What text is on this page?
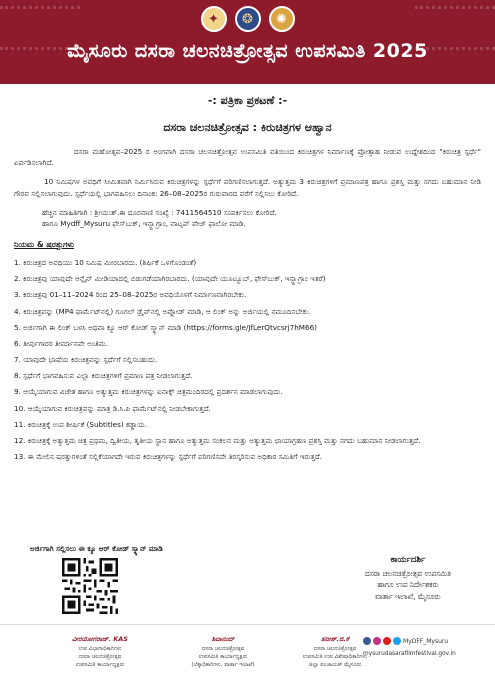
✦	❂	✺
ಮೈಸೂರು ದಸರಾ ಚಲನಚಿತ್ರೋತ್ಸವ ಉಪಸಮಿತಿ 2025
-: ಪತ್ರಿಕಾ ಪ್ರಕಟಣೆ :-
ದಸರಾ ಚಲನಚಿತ್ರೋತ್ಸವ : ಕಿರುಚಿತ್ರಗಳ ಆಹ್ವಾನ

ದಸರಾ ಮಹೋತ್ಸವ–2025 ರ ಅಂಗವಾಗಿ ದಸರಾ ಚಲನಚಿತ್ರೋತ್ಸವ ಉಪಸಮಿತಿ ವತಿಯಿಂದ ಕಿರುಚಿತ್ರಗಳ ನಿರ್ಮಾಣಕ್ಕೆ ಪ್ರೋತ್ಸಾಹ ನೀಡುವ ಉದ್ದೇಶದಿಂದ "ಕಿರುಚಿತ್ರ ಸ್ಪರ್ಧೆ" ಏರ್ಪಡಿಸಲಾಗಿದೆ.

10 ನಿಮಿಷಗಳ ಅವಧಿಗೆ ಸೀಮಿತವಾಗಿ ನಿರ್ಮಿಸಿರುವ ಕಿರುಚಿತ್ರಗಳನ್ನು ಸ್ಪರ್ಧೆಗೆ ಪರಿಗಣಿಸಲಾಗುತ್ತದೆ. ಅತ್ಯುತ್ತಮ 3 ಕಿರುಚಿತ್ರಗಳಿಗೆ ಪ್ರಮಾಣಪತ್ರ ಹಾಗೂ ಪ್ರಶಸ್ತಿ ಮತ್ತು ನಗದು ಬಹುಮಾನ ನೀಡಿ ಗೌರವ ಸಲ್ಲಿಸಲಾಗುವುದು. ಸ್ಪರ್ಧೆಯಲ್ಲಿ ಭಾಗವಹಿಸಲು ದಿನಾಂಕ: 26–08–2025ರ ಗುರುವಾರದ ವರೆಗೆ ಸಲ್ಲಿಸಲು ಕೋರಿದೆ.

ಹೆಚ್ಚಿನ ಮಾಹಿತಿಗಾಗಿ : ಶ್ರೀಯುತ್‌.ಈ ದೂರವಾಣಿ ಸಂಖ್ಯೆ : 7411564510 ಸಂಪರ್ಕಿಸಲು ಕೋರಿದೆ.
ಹಾಗೂ Mydff_Mysuru ಫೇಸ್‌ಬುಕ್, ಇನ್ಸ್ಟಾಗ್ರಾಂ, ವಾಟ್ಸಪ್ ಪೇಜ್ ಫಾಲೋ ಮಾಡಿ.
ನಿಯಮ & ಷರತ್ತುಗಳು
1. ಕಿರುಚಿತ್ರದ ಅವಧಿಯು 10 ನಿಮಿಷ ಮೀರಬಾರದು. (ಶಿರ್ಷಿಕೆ ಒಳಗೊಂಡಂತೆ)
2. ಕಿರುಚಿತ್ರವು ಯಾವುದೇ ಆನ್ಲೈನ್ ಮೀಡಿಯಾದಲ್ಲಿ ಬಿಡುಗಡೆಯಾಗಿರಬಾರದು. (ಯಾವುದೇ ಯೂಟ್ಯೂಬ್, ಫೇಸ್‌ಬುಕ್, ಇನ್ಸ್ಟಾಗ್ರಾಂ ಇತರೆ)
3. ಕಿರುಚಿತ್ರವು 01–11–2024 ರಿಂದ 25–08–2025ರ ಅವಧಿಯೊಳಗೆ ನಿರ್ಮಾಣವಾಗಿರಬೇಕು.
4. ಕಿರುಚಿತ್ರವನ್ನು (MP4 ಫಾರ್ಮೆಟ್‌ನಲ್ಲಿ) ಗೂಗಲ್ ಡ್ರೈವ್‌ನಲ್ಲಿ ಅಪ್ಲೋಡ್ ಮಾಡಿ, ಆ ಲಿಂಕ್ ಅನ್ನು ಅರ್ಜಿಯಲ್ಲಿ ನಮೂದಿಸಬೇಕು.
5. ಅರ್ಜಿಗಾಗಿ ಈ ಲಿಂಕ್ ಬಳಸಿ ಅಥವಾ ಕ್ಯೂ ಆರ್ ಕೋಡ್ ಸ್ಕ್ಯಾನ್ ಮಾಡಿ (https://forms.gle/JfLerQtvcsrj7hM66)
6. ತೀರ್ಪುಗಾರರ ತೀರ್ಮಾನವೇ ಅಂತಿಮ.
7. ಯಾವುದೇ ಭಾಷೆಯ ಕಿರುಚಿತ್ರವನ್ನು ಸ್ಪರ್ಧೆಗೆ ಸಲ್ಲಿಸಬಹುದು.
8. ಸ್ಪರ್ಧೆಗೆ ಭಾಗವಹಿಸುವ ಎಲ್ಲಾ ಕಿರುಚಿತ್ರಗಳಿಗೆ ಪ್ರಮಾಣ ಪತ್ರ ನೀಡಲಾಗುತ್ತದೆ.
9. ಆಯ್ಕೆಯಾಗುವ ವಿಜೇತ ಹಾಗೂ ಅತ್ಯುತ್ತಮ ಕಿರುಚಿತ್ರಗಳನ್ನು ಐನಾಕ್ಸ್ ಚಿತ್ರಮಂದಿರದಲ್ಲಿ ಪ್ರದರ್ಶನ ಮಾಡಲಾಗುವುದು.
10. ಆಯ್ಕೆಯಾಗುವ ಕಿರುಚಿತ್ರವನ್ನು ಮಾತ್ರ ಡಿ.ಸಿ.ಪಿ ಫಾರ್ಮೆಟ್‌ನಲ್ಲಿ ನೀಡಬೇಕಾಗುತ್ತದೆ.
11. ಕಿರುಚಿತ್ರಕ್ಕೆ ಉಪ ಶೀರ್ಷಿಕೆ (Subtitles) ಕಡ್ಡಾಯ.
12. ಕಿರುಚಿತ್ರಕ್ಕೆ ಅತ್ಯುತ್ತಮ ಚಿತ್ರ ಪ್ರಥಮ, ದ್ವಿತೀಯ, ತೃತೀಯ ಸ್ಥಾನ ಹಾಗೂ ಅತ್ಯುತ್ತಮ ಸಂಕಲನ ಮತ್ತು ಅತ್ಯುತ್ತಮ ಛಾಯಾಗ್ರಹಣ ಪ್ರಶಸ್ತಿ ಮತ್ತು ನಗದು ಬಹುಮಾನ ನೀಡಲಾಗುತ್ತದೆ.
13. ಈ ಮೇಲಿನ ಷರತ್ತುಗಳಿಂತೆ ಸಲ್ಲಿಕೆಯಾಗದೇ ಇರುವ ಕಿರುಚಿತ್ರಗಳನ್ನು ಸ್ಪರ್ಧೆಗೆ ಪರಿಗಣಿಸದೇ ತಿರಸ್ಕರಿಸುವ ಅಧಿಕಾರ ಸಮಿತಿಗೆ ಇರುತ್ತದೆ.
ಅರ್ಜಿಗಾಗಿ ಸಲ್ಲಿಸಲು ಈ ಕ್ಯೂ ಆರ್ ಕೋಡ್ ಸ್ಕ್ಯಾನ್ ಮಾಡಿ
ಕಾರ್ಯದರ್ಶಿ
ದಸರಾ ಚಲನಚಿತ್ರೋತ್ಸವ ಉಪಸಮಿತಿ
ಹಾಗೂ ಉಪ ನಿರ್ದೇಶಕರು
ವಾರ್ತಾ ಇಲಾಖೆ, ಮೈಸೂರು
ವೀರಯೋಗರಾಜ್. KAS
ಉಪ ವಿಭಾಗಾಧಿಕಾರಿಗಳು
ದಸರಾ ಚಲನಚಿತ್ರೋತ್ಸವ
ಉಪಸಮಿತಿ ಕಾರ್ಯಾಧ್ಯಕ್ಷರು
ಶಿವಾನಂದ್
ದಸರಾ ಚಲನಚಿತ್ರೋತ್ಸವ
ಉಪಸಮಿತಿ ಕಾರ್ಯಾಧ್ಯಕ್ಷರು
(ಲೆಕ್ಕಾಧಿಕಾರಿಗಳು, ವಾರ್ತಾ ಇಲಾಖೆ)
ಹರೀಶ್.ಜಿ.ಕೆ
ದಸರಾ ಚಲನಚಿತ್ರೋತ್ಸವ
ಉಪಸಮಿತಿ ಉಪ ವಿಶೇಷಾಧಿಕಾರಿಗಳು
ಜಿಲ್ಲಾ ಪಂಚಾಯತ್ ಮೈಸೂರು
MyDFF_Mysuru
mysurudasarafilmfestival.gov.in
